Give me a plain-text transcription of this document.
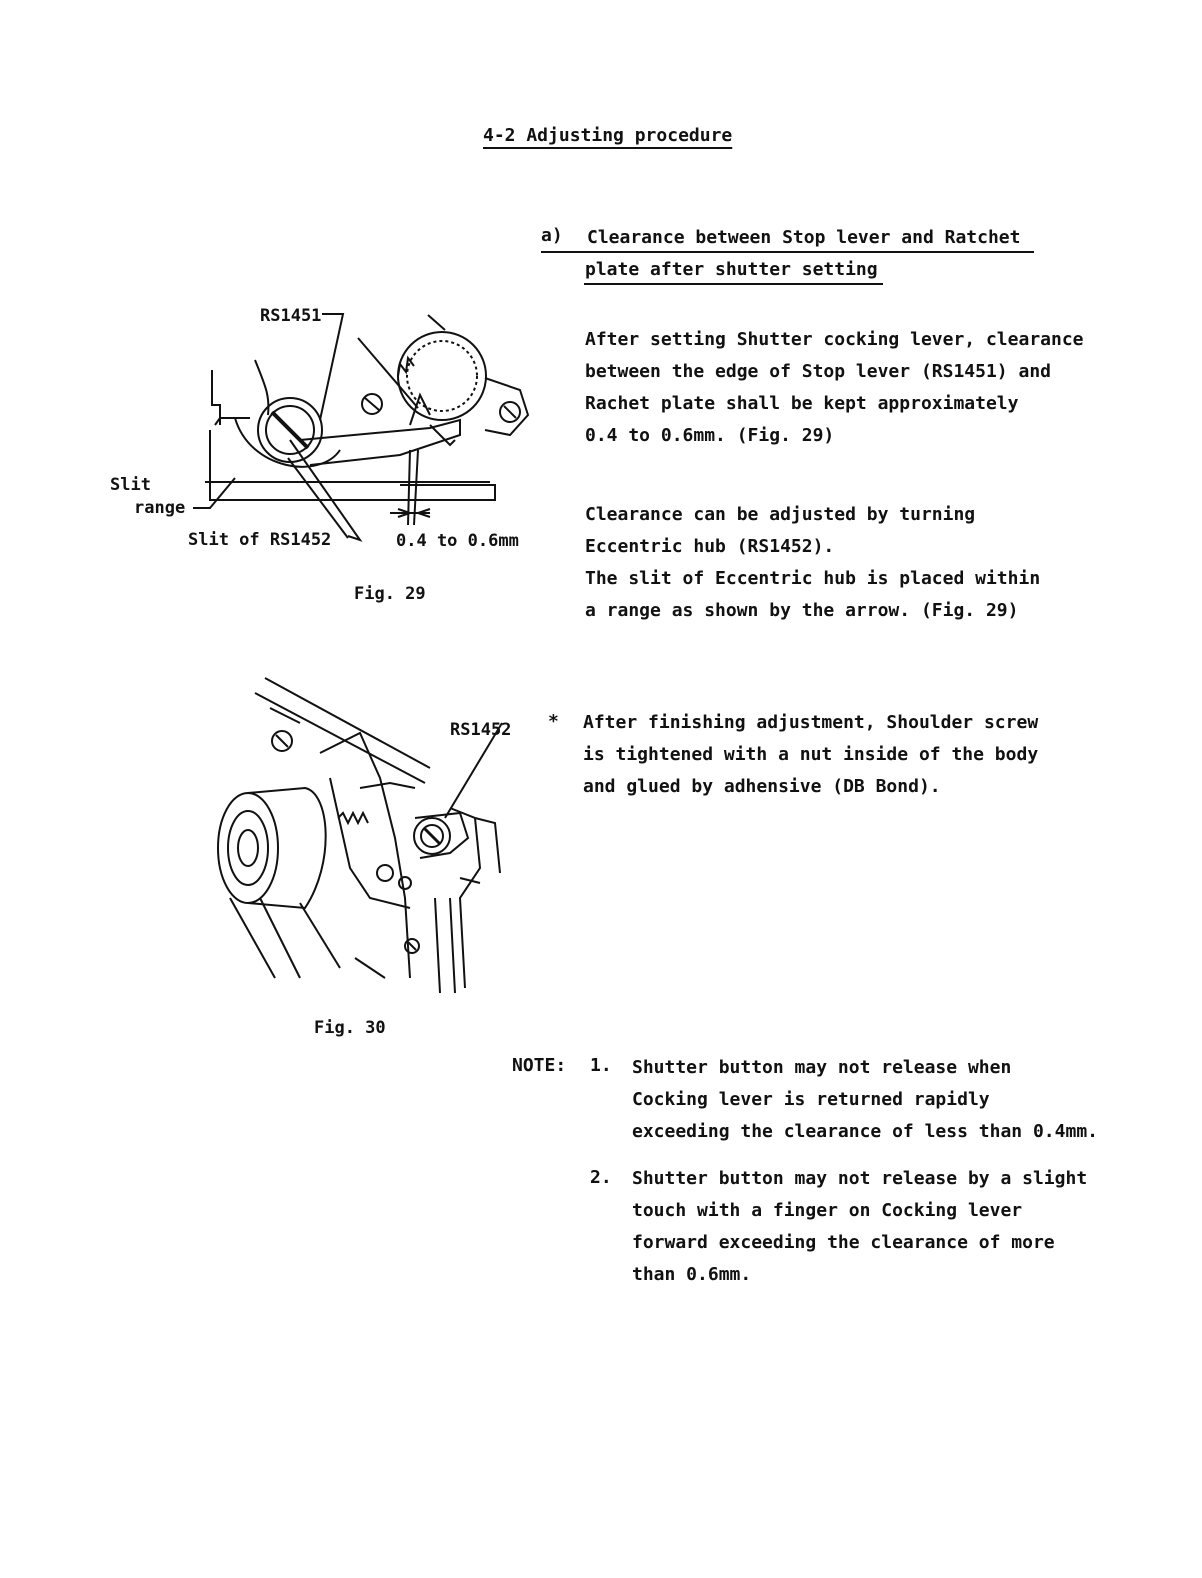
4-2 Adjusting procedure
a) Clearance between Stop lever and Ratchet
plate after shutter setting
After setting Shutter cocking lever, clearance
between the edge of Stop lever (RS1451) and
Rachet plate shall be kept approximately
0.4 to 0.6mm. (Fig. 29)
Clearance can be adjusted by turning
Eccentric hub (RS1452).
The slit of Eccentric hub is placed within
a range as shown by the arrow. (Fig. 29)
* After finishing adjustment, Shoulder screw
is tightened with a nut inside of the body
and glued by adhensive (DB Bond).
NOTE: 1. Shutter button may not release when
Cocking lever is returned rapidly
exceeding the clearance of less than 0.4mm.
2. Shutter button may not release by a slight
touch with a finger on Cocking lever
forward exceeding the clearance of more
than 0.6mm.
RS1451
Slit
range
Slit of RS1452	0.4 to 0.6mm
Fig. 29
RS1452
Fig. 30
